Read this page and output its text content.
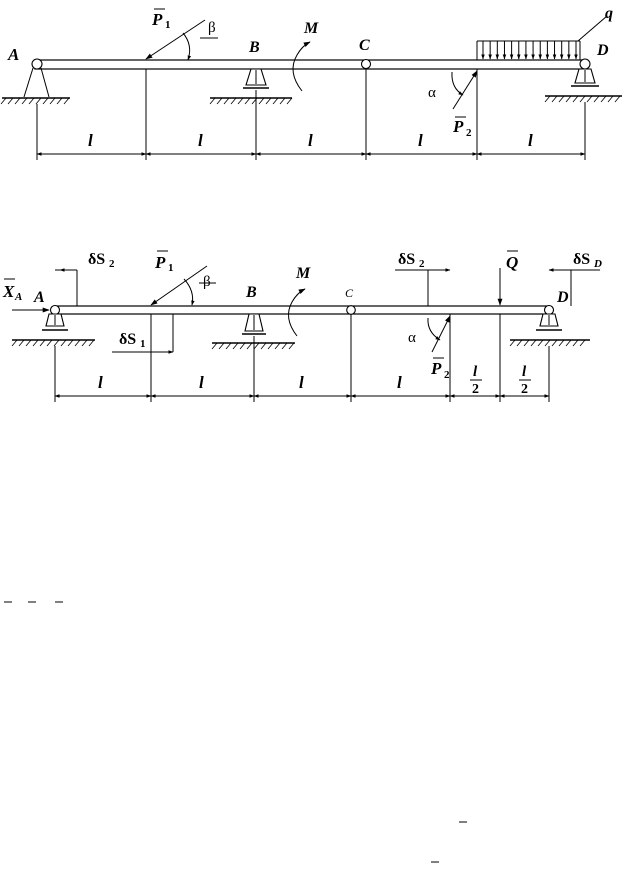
A	B	C	D
M
q
β
α
P 1
P 2
l	l	l	l	l
X A A	B	C	D
M
β
α
P 1
P 2
Q
δS 2
δS 1
δS 2	δS D
l	l	l	l
l
2
l
2
